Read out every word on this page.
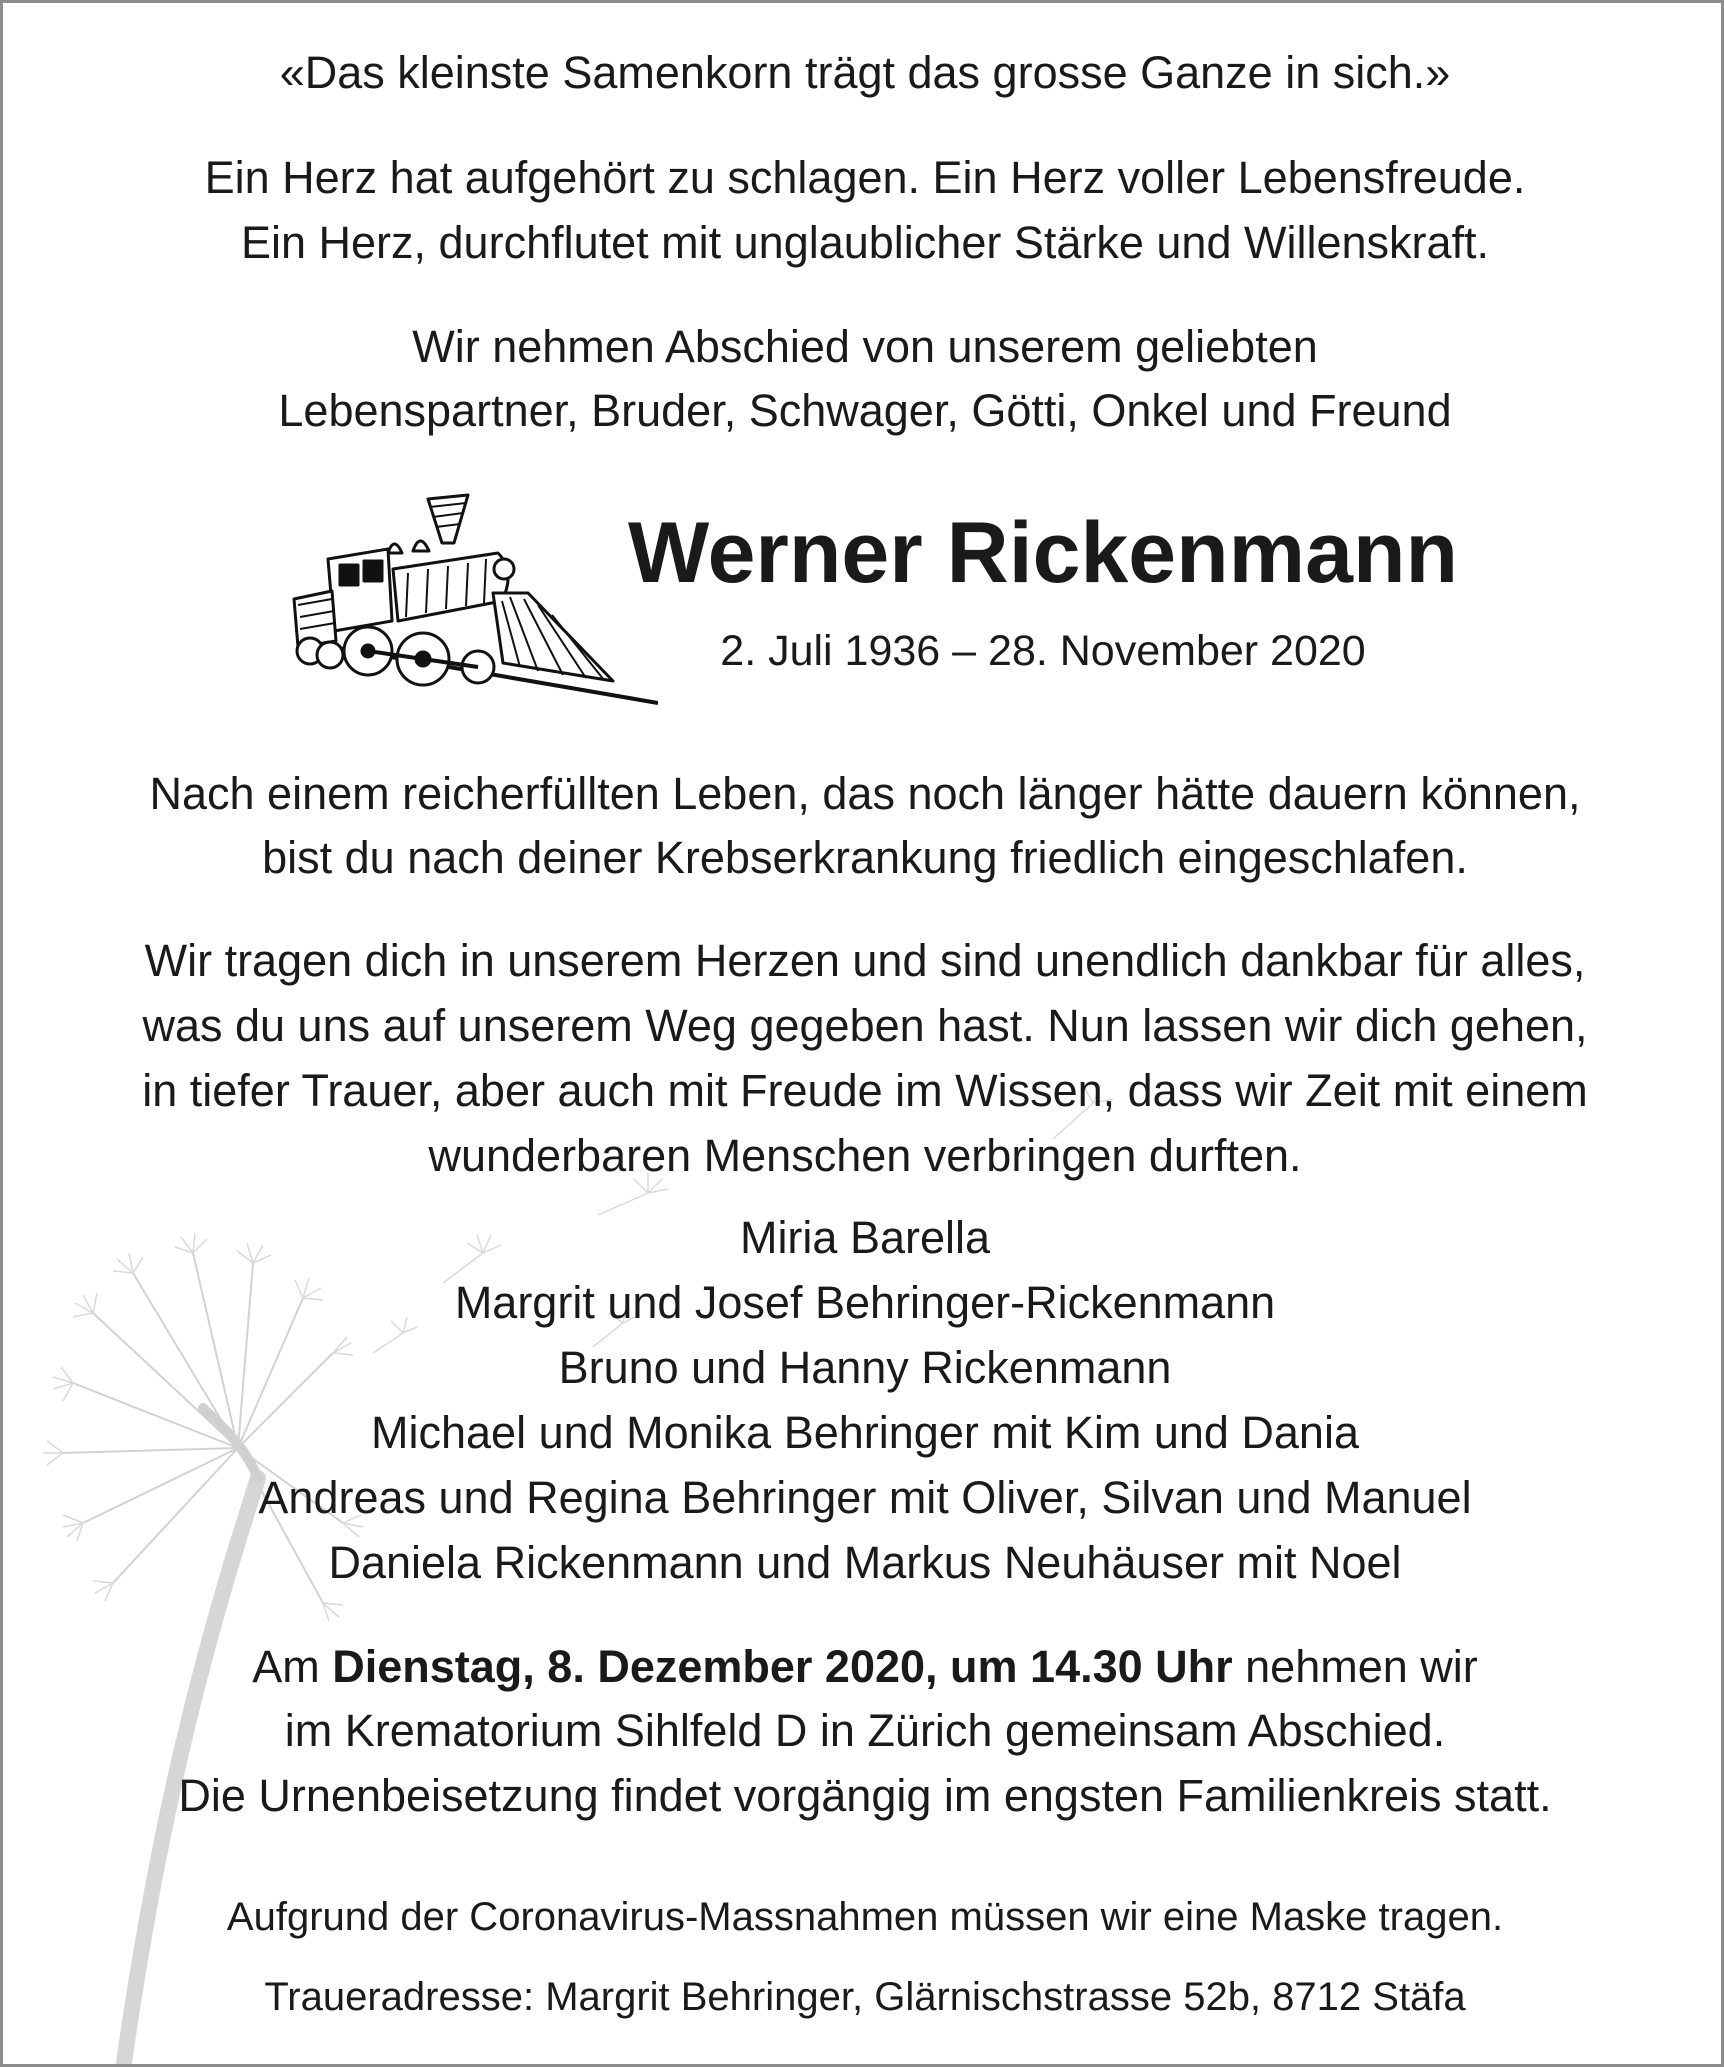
«Das kleinste Samenkorn trägt das grosse Ganze in sich.»
Ein Herz hat aufgehört zu schlagen. Ein Herz voller Lebensfreude.
Ein Herz, durchflutet mit unglaublicher Stärke und Willenskraft.
Wir nehmen Abschied von unserem geliebten
Lebenspartner, Bruder, Schwager, Götti, Onkel und Freund
Werner Rickenmann
2. Juli 1936 – 28. November 2020
Nach einem reicherfüllten Leben, das noch länger hätte dauern können,
bist du nach deiner Krebserkrankung friedlich eingeschlafen.
Wir tragen dich in unserem Herzen und sind unendlich dankbar für alles,
was du uns auf unserem Weg gegeben hast. Nun lassen wir dich gehen,
in tiefer Trauer, aber auch mit Freude im Wissen, dass wir Zeit mit einem
wunderbaren Menschen verbringen durften.
Miria Barella
Margrit und Josef Behringer-Rickenmann
Bruno und Hanny Rickenmann
Michael und Monika Behringer mit Kim und Dania
Andreas und Regina Behringer mit Oliver, Silvan und Manuel
Daniela Rickenmann und Markus Neuhäuser mit Noel
Am Dienstag, 8. Dezember 2020, um 14.30 Uhr nehmen wir
im Krematorium Sihlfeld D in Zürich gemeinsam Abschied.
Die Urnenbeisetzung findet vorgängig im engsten Familienkreis statt.
Aufgrund der Coronavirus-Massnahmen müssen wir eine Maske tragen.
Traueradresse: Margrit Behringer, Glärnischstrasse 52b, 8712 Stäfa
